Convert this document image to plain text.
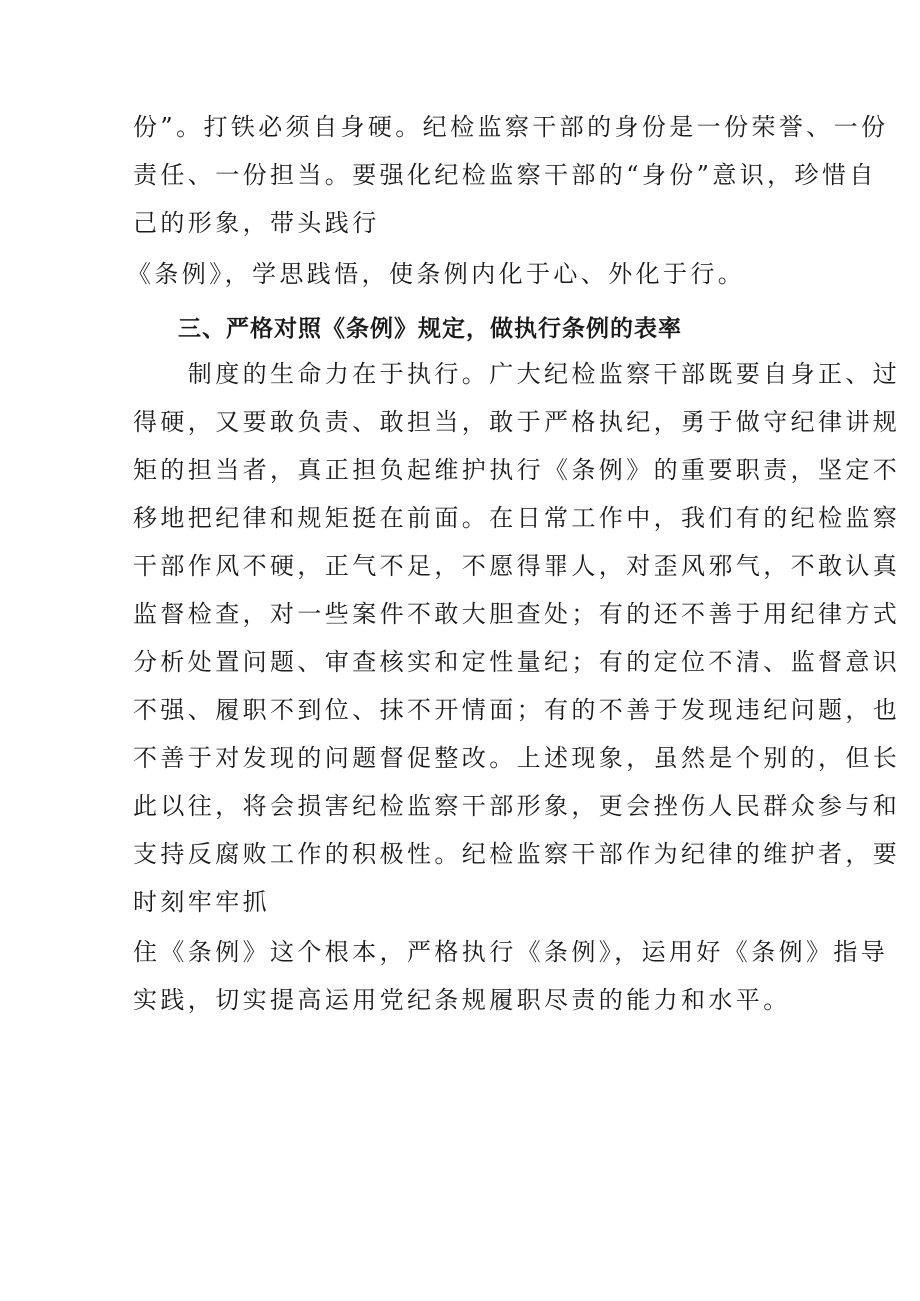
份”。打铁必须自身硬。纪检监察干部的身份是一份荣誉、一份
责任、一份担当。要强化纪检监察干部的“身份”意识，珍惜自
己的形象，带头践行
《条例》，学思践悟，使条例内化于心、外化于行。
三、严格对照《条例》规定，做执行条例的表率
　　制度的生命力在于执行。广大纪检监察干部既要自身正、过
得硬，又要敢负责、敢担当，敢于严格执纪，勇于做守纪律讲规
矩的担当者，真正担负起维护执行《条例》的重要职责，坚定不
移地把纪律和规矩挺在前面。在日常工作中，我们有的纪检监察
干部作风不硬，正气不足，不愿得罪人，对歪风邪气，不敢认真
监督检查，对一些案件不敢大胆查处；有的还不善于用纪律方式
分析处置问题、审查核实和定性量纪；有的定位不清、监督意识
不强、履职不到位、抹不开情面；有的不善于发现违纪问题，也
不善于对发现的问题督促整改。上述现象，虽然是个别的，但长
此以往，将会损害纪检监察干部形象，更会挫伤人民群众参与和
支持反腐败工作的积极性。纪检监察干部作为纪律的维护者，要
时刻牢牢抓
住《条例》这个根本，严格执行《条例》，运用好《条例》指导
实践，切实提高运用党纪条规履职尽责的能力和水平。
